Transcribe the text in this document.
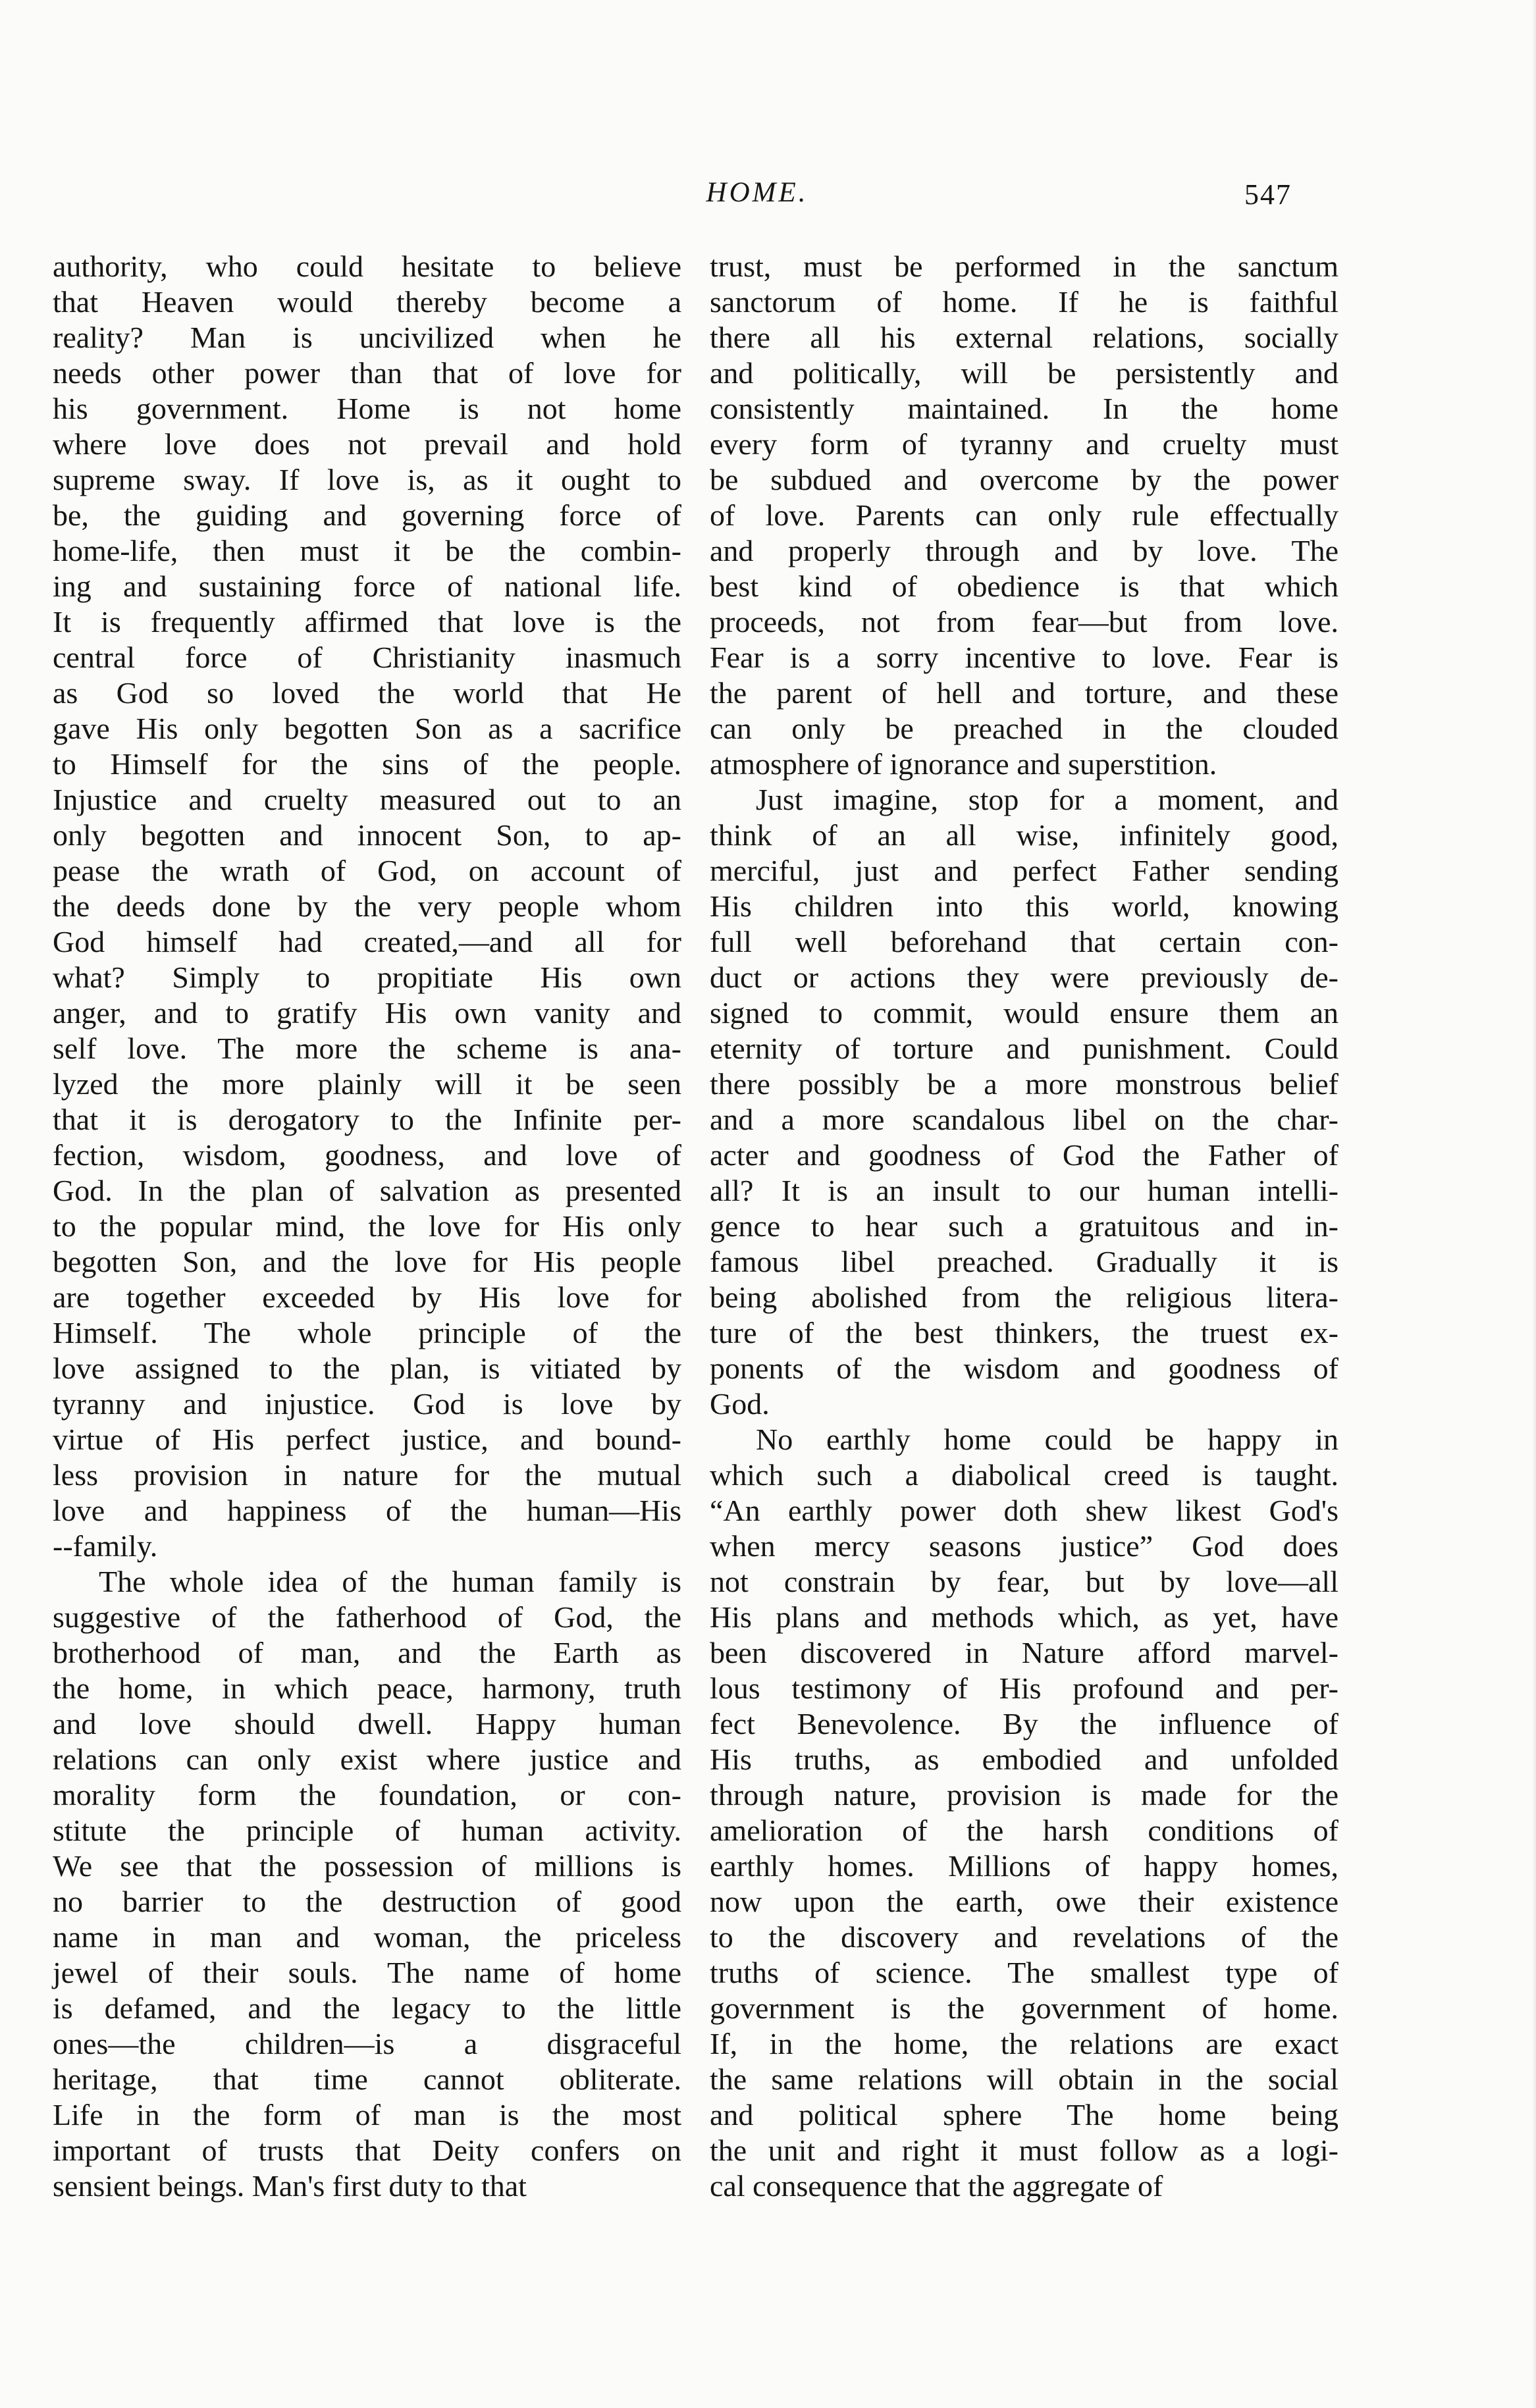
HOME.	547
authority, who could hesitate to believe
that Heaven would thereby become a
reality? Man is uncivilized when he
needs other power than that of love for
his government. Home is not home
where love does not prevail and hold
supreme sway. If love is, as it ought to
be, the guiding and governing force of
home-life, then must it be the combin-
ing and sustaining force of national life.
It is frequently affirmed that love is the
central force of Christianity inasmuch
as God so loved the world that He
gave His only begotten Son as a sacrifice
to Himself for the sins of the people.
Injustice and cruelty measured out to an
only begotten and innocent Son, to ap-
pease the wrath of God, on account of
the deeds done by the very people whom
God himself had created,—and all for
what? Simply to propitiate His own
anger, and to gratify His own vanity and
self love. The more the scheme is ana-
lyzed the more plainly will it be seen
that it is derogatory to the Infinite per-
fection, wisdom, goodness, and love of
God. In the plan of salvation as presented
to the popular mind, the love for His only
begotten Son, and the love for His people
are together exceeded by His love for
Himself. The whole principle of the
love assigned to the plan, is vitiated by
tyranny and injustice. God is love by
virtue of His perfect justice, and bound-
less provision in nature for the mutual
love and happiness of the human—His
--family.
The whole idea of the human family is
suggestive of the fatherhood of God, the
brotherhood of man, and the Earth as
the home, in which peace, harmony, truth
and love should dwell. Happy human
relations can only exist where justice and
morality form the foundation, or con-
stitute the principle of human activity.
We see that the possession of millions is
no barrier to the destruction of good
name in man and woman, the priceless
jewel of their souls. The name of home
is defamed, and the legacy to the little
ones—the children—is a disgraceful
heritage, that time cannot obliterate.
Life in the form of man is the most
important of trusts that Deity confers on
sensient beings. Man's first duty to that
trust, must be performed in the sanctum
sanctorum of home. If he is faithful
there all his external relations, socially
and politically, will be persistently and
consistently maintained. In the home
every form of tyranny and cruelty must
be subdued and overcome by the power
of love. Parents can only rule effectually
and properly through and by love. The
best kind of obedience is that which
proceeds, not from fear—but from love.
Fear is a sorry incentive to love. Fear is
the parent of hell and torture, and these
can only be preached in the clouded
atmosphere of ignorance and superstition.
Just imagine, stop for a moment, and
think of an all wise, infinitely good,
merciful, just and perfect Father sending
His children into this world, knowing
full well beforehand that certain con-
duct or actions they were previously de-
signed to commit, would ensure them an
eternity of torture and punishment. Could
there possibly be a more monstrous belief
and a more scandalous libel on the char-
acter and goodness of God the Father of
all? It is an insult to our human intelli-
gence to hear such a gratuitous and in-
famous libel preached. Gradually it is
being abolished from the religious litera-
ture of the best thinkers, the truest ex-
ponents of the wisdom and goodness of
God.
No earthly home could be happy in
which such a diabolical creed is taught.
“An earthly power doth shew likest God's
when mercy seasons justice” God does
not constrain by fear, but by love—all
His plans and methods which, as yet, have
been discovered in Nature afford marvel-
lous testimony of His profound and per-
fect Benevolence. By the influence of
His truths, as embodied and unfolded
through nature, provision is made for the
amelioration of the harsh conditions of
earthly homes. Millions of happy homes,
now upon the earth, owe their existence
to the discovery and revelations of the
truths of science. The smallest type of
government is the government of home.
If, in the home, the relations are exact
the same relations will obtain in the social
and political sphere The home being
the unit and right it must follow as a logi-
cal consequence that the aggregate of
